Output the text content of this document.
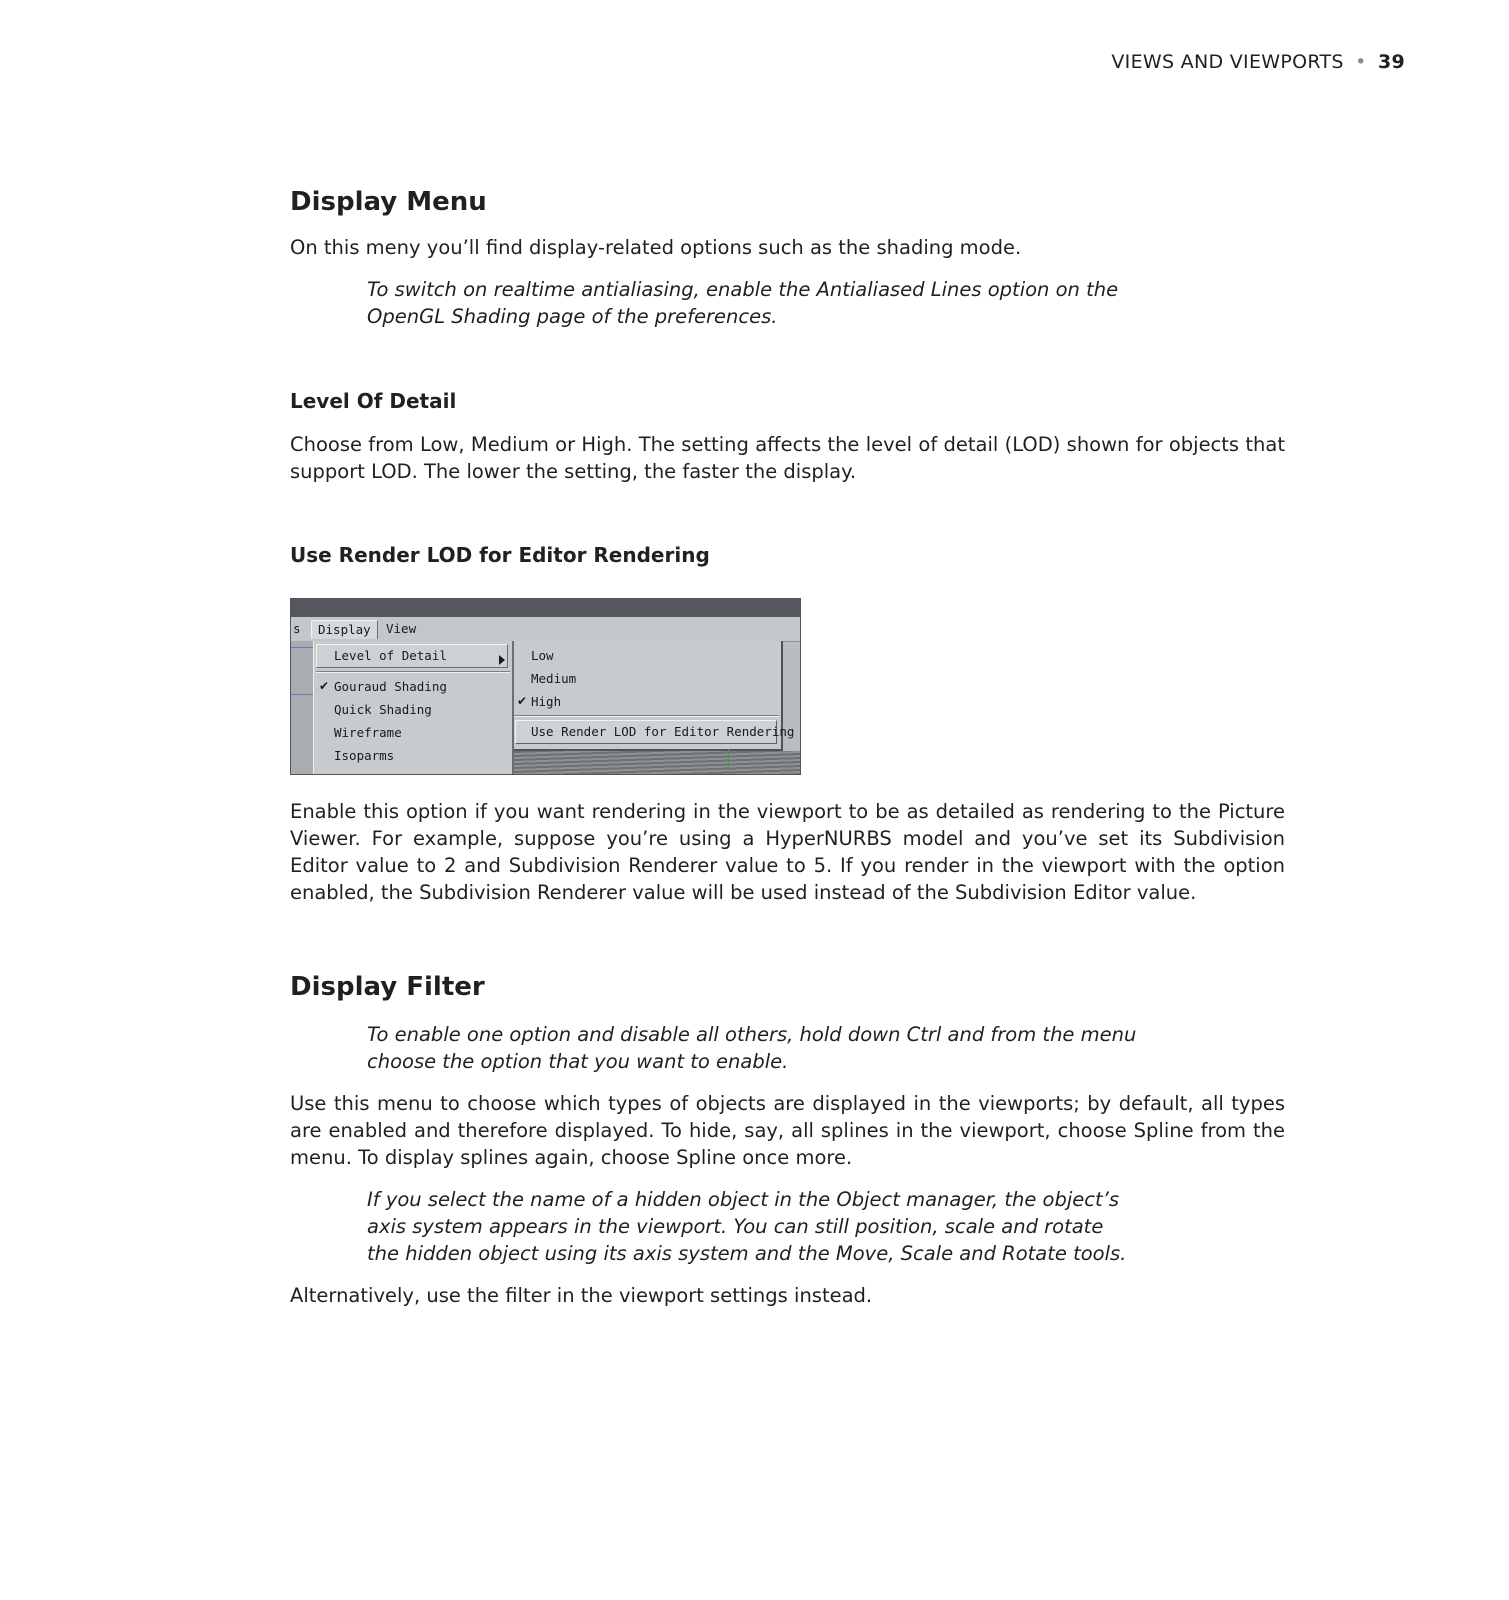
VIEWS AND VIEWPORTS • 39
Display Menu

On this meny you’ll find display-related options such as the shading mode.

To switch on realtime antialiasing, enable the Antialiased Lines option on the OpenGL Shading page of the preferences.

Level Of Detail

Choose from Low, Medium or High. The setting affects the level of detail (LOD) shown for objects that support LOD. The lower the setting, the faster the display.

Use Render LOD for Editor Rendering
s	Display	View
Level of Detail
✔ Gouraud Shading
Quick Shading
Wireframe
Isoparms
Low
Medium
✔ High
Use Render LOD for Editor Rendering

Enable this option if you want rendering in the viewport to be as detailed as rendering to the Picture Viewer. For example, suppose you’re using a HyperNURBS model and you’ve set its Subdivision Editor value to 2 and Subdivision Renderer value to 5. If you render in the viewport with the option enabled, the Subdivision Renderer value will be used instead of the Subdivision Editor value.

Display Filter

To enable one option and disable all others, hold down Ctrl and from the menu choose the option that you want to enable.

Use this menu to choose which types of objects are displayed in the viewports; by default, all types are enabled and therefore displayed. To hide, say, all splines in the viewport, choose Spline from the menu. To display splines again, choose Spline once more.

If you select the name of a hidden object in the Object manager, the object’s axis system appears in the viewport. You can still position, scale and rotate the hidden object using its axis system and the Move, Scale and Rotate tools.

Alternatively, use the filter in the viewport settings instead.
